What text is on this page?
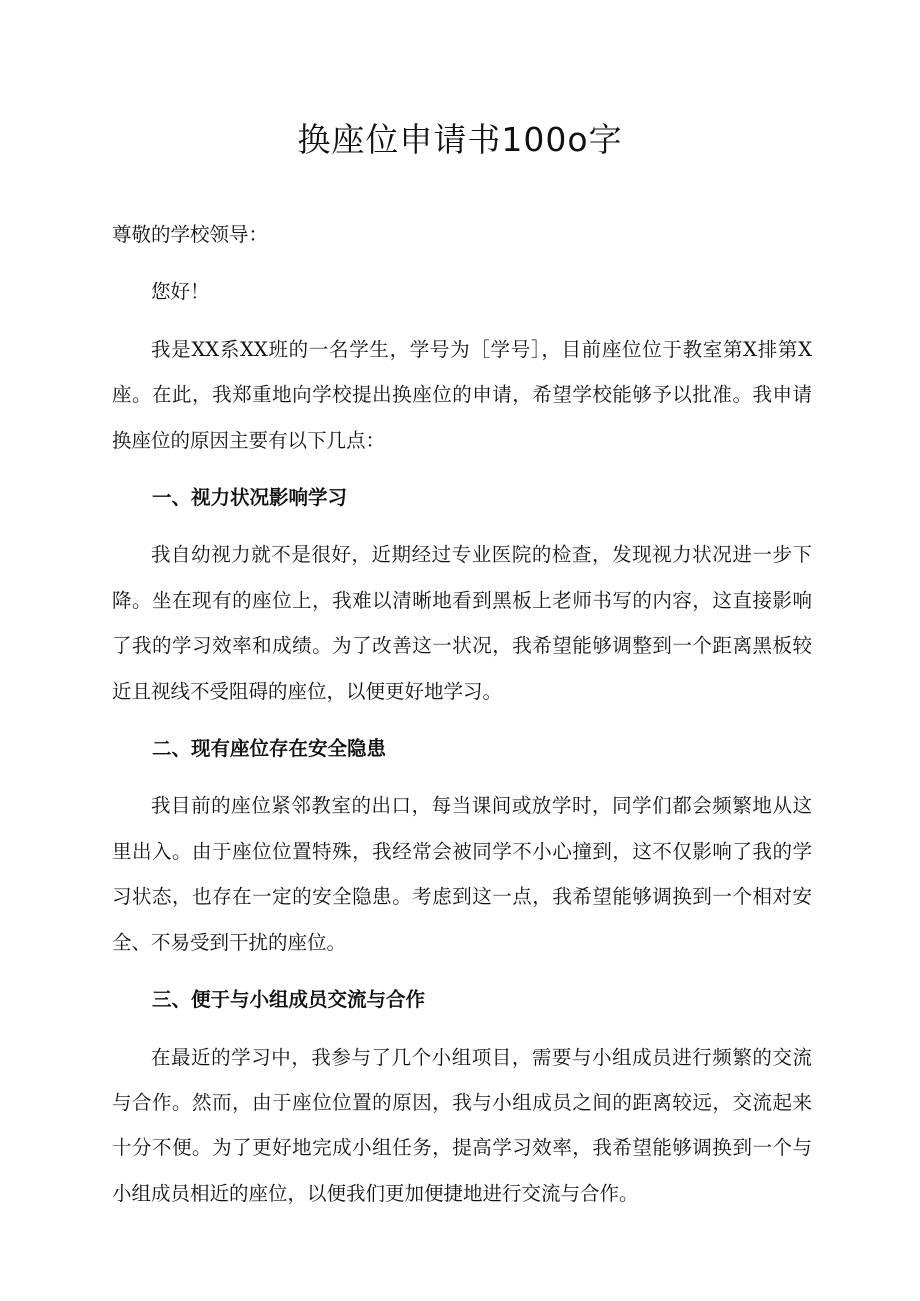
换座位申请书100o字

尊敬的学校领导：

您好！

我是XX系XX班的一名学生，学号为［学号］，目前座位位于教室第X排第X座。在此，我郑重地向学校提出换座位的申请，希望学校能够予以批准。我申请换座位的原因主要有以下几点：

一、视力状况影响学习

我自幼视力就不是很好，近期经过专业医院的检查，发现视力状况进一步下降。坐在现有的座位上，我难以清晰地看到黑板上老师书写的内容，这直接影响了我的学习效率和成绩。为了改善这一状况，我希望能够调整到一个距离黑板较近且视线不受阻碍的座位，以便更好地学习。

二、现有座位存在安全隐患

我目前的座位紧邻教室的出口，每当课间或放学时，同学们都会频繁地从这里出入。由于座位位置特殊，我经常会被同学不小心撞到，这不仅影响了我的学习状态，也存在一定的安全隐患。考虑到这一点，我希望能够调换到一个相对安全、不易受到干扰的座位。

三、便于与小组成员交流与合作

在最近的学习中，我参与了几个小组项目，需要与小组成员进行频繁的交流与合作。然而，由于座位位置的原因，我与小组成员之间的距离较远，交流起来十分不便。为了更好地完成小组任务，提高学习效率，我希望能够调换到一个与小组成员相近的座位，以便我们更加便捷地进行交流与合作。
